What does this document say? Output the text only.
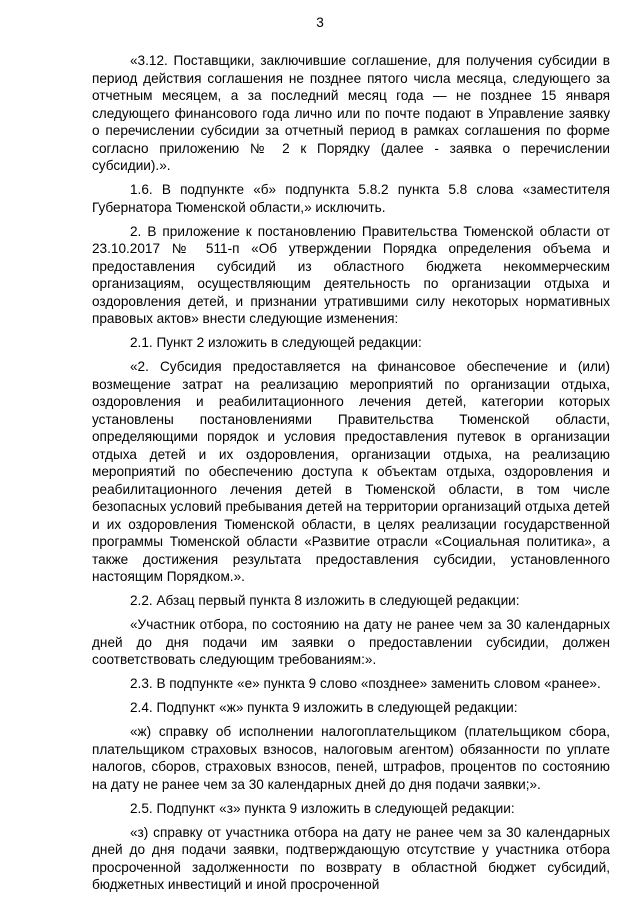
3

«3.12. Поставщики, заключившие соглашение, для получения субсидии в период действия соглашения не позднее пятого числа месяца, следующего за отчетным месяцем, а за последний месяц года — не позднее 15 января следующего финансового года лично или по почте подают в Управление заявку о перечислении субсидии за отчетный период в рамках соглашения по форме согласно приложению № 2 к Порядку (далее - заявка о перечислении субсидии).».

1.6. В подпункте «б» подпункта 5.8.2 пункта 5.8 слова «заместителя Губернатора Тюменской области,» исключить.

2. В приложение к постановлению Правительства Тюменской области от 23.10.2017 № 511-п «Об утверждении Порядка определения объема и предоставления субсидий из областного бюджета некоммерческим организациям, осуществляющим деятельность по организации отдыха и оздоровления детей, и признании утратившими силу некоторых нормативных правовых актов» внести следующие изменения:

2.1. Пункт 2 изложить в следующей редакции:

«2. Субсидия предоставляется на финансовое обеспечение и (или) возмещение затрат на реализацию мероприятий по организации отдыха, оздоровления и реабилитационного лечения детей, категории которых установлены постановлениями Правительства Тюменской области, определяющими порядок и условия предоставления путевок в организации отдыха детей и их оздоровления, организации отдыха, на реализацию мероприятий по обеспечению доступа к объектам отдыха, оздоровления и реабилитационного лечения детей в Тюменской области, в том числе безопасных условий пребывания детей на территории организаций отдыха детей и их оздоровления Тюменской области, в целях реализации государственной программы Тюменской области «Развитие отрасли «Социальная политика», а также достижения результата предоставления субсидии, установленного настоящим Порядком.».

2.2. Абзац первый пункта 8 изложить в следующей редакции:

«Участник отбора, по состоянию на дату не ранее чем за 30 календарных дней до дня подачи им заявки о предоставлении субсидии, должен соответствовать следующим требованиям:».

2.3. В подпункте «е» пункта 9 слово «позднее» заменить словом «ранее».

2.4. Подпункт «ж» пункта 9 изложить в следующей редакции:

«ж) справку об исполнении налогоплательщиком (плательщиком сбора, плательщиком страховых взносов, налоговым агентом) обязанности по уплате налогов, сборов, страховых взносов, пеней, штрафов, процентов по состоянию на дату не ранее чем за 30 календарных дней до дня подачи заявки;».

2.5. Подпункт «з» пункта 9 изложить в следующей редакции:

«з) справку от участника отбора на дату не ранее чем за 30 календарных дней до дня подачи заявки, подтверждающую отсутствие у участника отбора просроченной задолженности по возврату в областной бюджет субсидий, бюджетных инвестиций и иной просроченной
